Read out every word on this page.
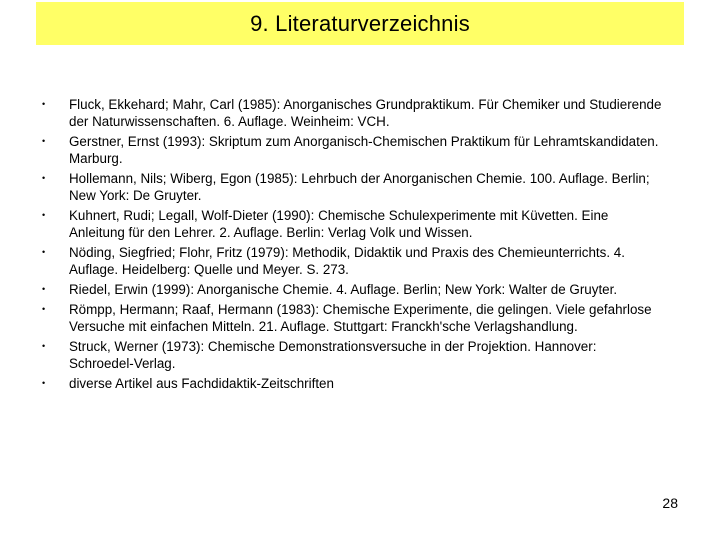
9. Literaturverzeichnis
• Fluck, Ekkehard; Mahr, Carl (1985): Anorganisches Grundpraktikum. Für Chemiker und Studierende der Naturwissenschaften. 6. Auflage. Weinheim: VCH.
• Gerstner, Ernst (1993): Skriptum zum Anorganisch-Chemischen Praktikum für Lehramtskandidaten. Marburg.
• Hollemann, Nils; Wiberg, Egon (1985): Lehrbuch der Anorganischen Chemie. 100. Auflage. Berlin; New York: De Gruyter.
• Kuhnert, Rudi; Legall, Wolf-Dieter (1990): Chemische Schulexperimente mit Küvetten. Eine Anleitung für den Lehrer. 2. Auflage. Berlin: Verlag Volk und Wissen.
• Nöding, Siegfried; Flohr, Fritz (1979): Methodik, Didaktik und Praxis des Chemieunterrichts. 4. Auflage. Heidelberg: Quelle und Meyer. S. 273.
• Riedel, Erwin (1999): Anorganische Chemie. 4. Auflage. Berlin; New York: Walter de Gruyter.
• Römpp, Hermann; Raaf, Hermann (1983): Chemische Experimente, die gelingen. Viele gefahrlose Versuche mit einfachen Mitteln. 21. Auflage. Stuttgart: Franckh'sche Verlagshandlung.
• Struck, Werner (1973): Chemische Demonstrationsversuche in der Projektion. Hannover: Schroedel-Verlag.
• diverse Artikel aus Fachdidaktik-Zeitschriften
28
